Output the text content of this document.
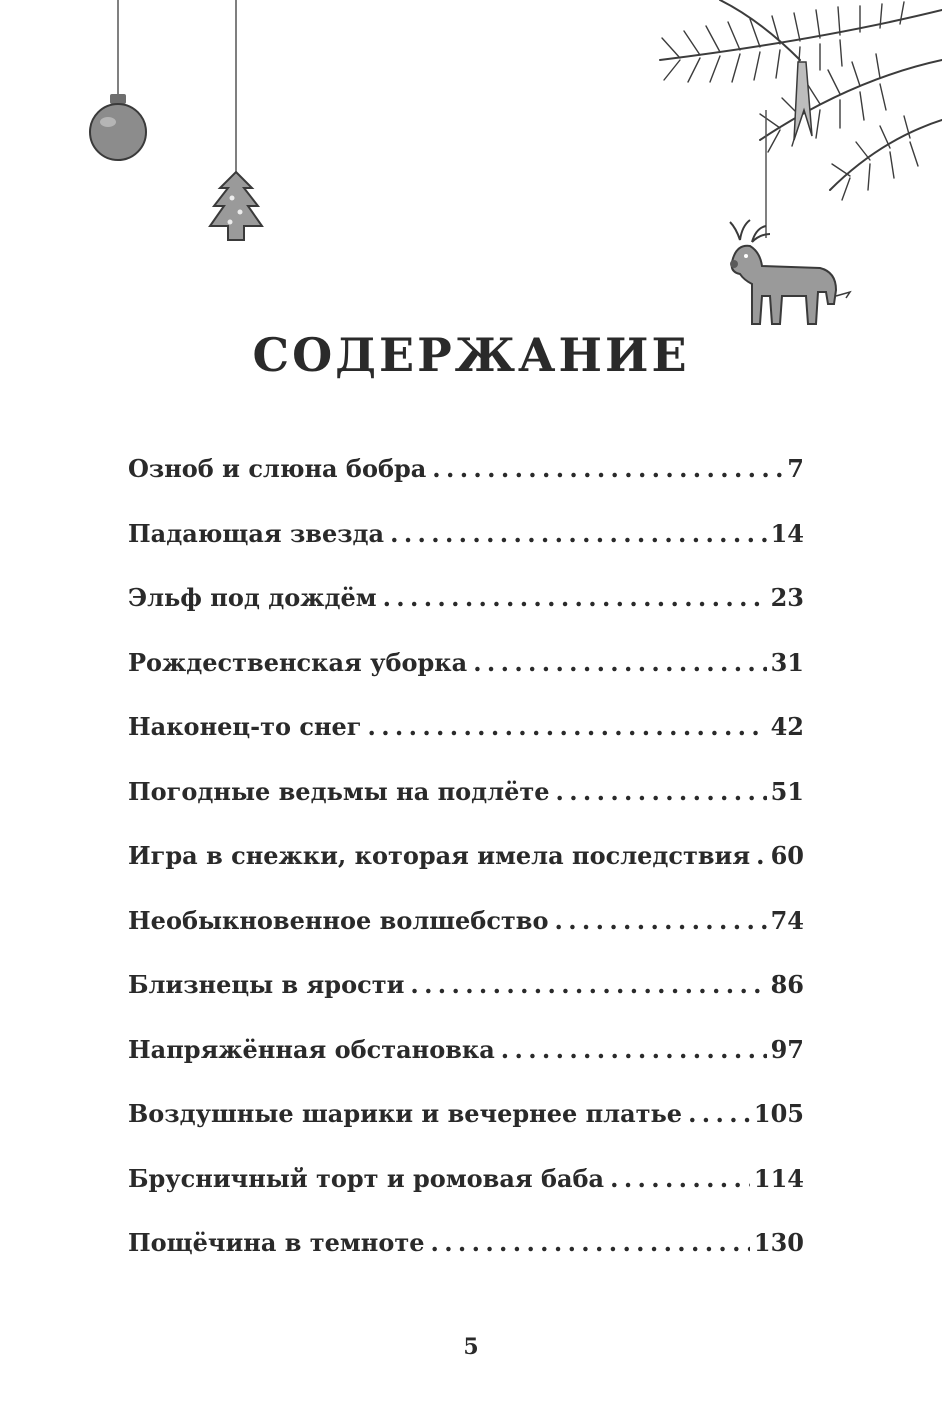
СОДЕРЖАНИЕ
Озноб и слюна бобра . . .	7
Падающая звезда . . .	14
Эльф под дождём . . .	23
Рождественская уборка . . .	31
Наконец-то снег . . .	42
Погодные ведьмы на подлёте . . .	51
Игра в снежки, которая имела последствия . . . 60
Необыкновенное волшебство . . .	74
Близнецы в ярости . . .	86
Напряжённая обстановка . . .	97
Воздушные шарики и вечернее платье . . .	105
Брусничный торт и ромовая баба . . .	114
Пощёчина в темноте . . .	130
5
